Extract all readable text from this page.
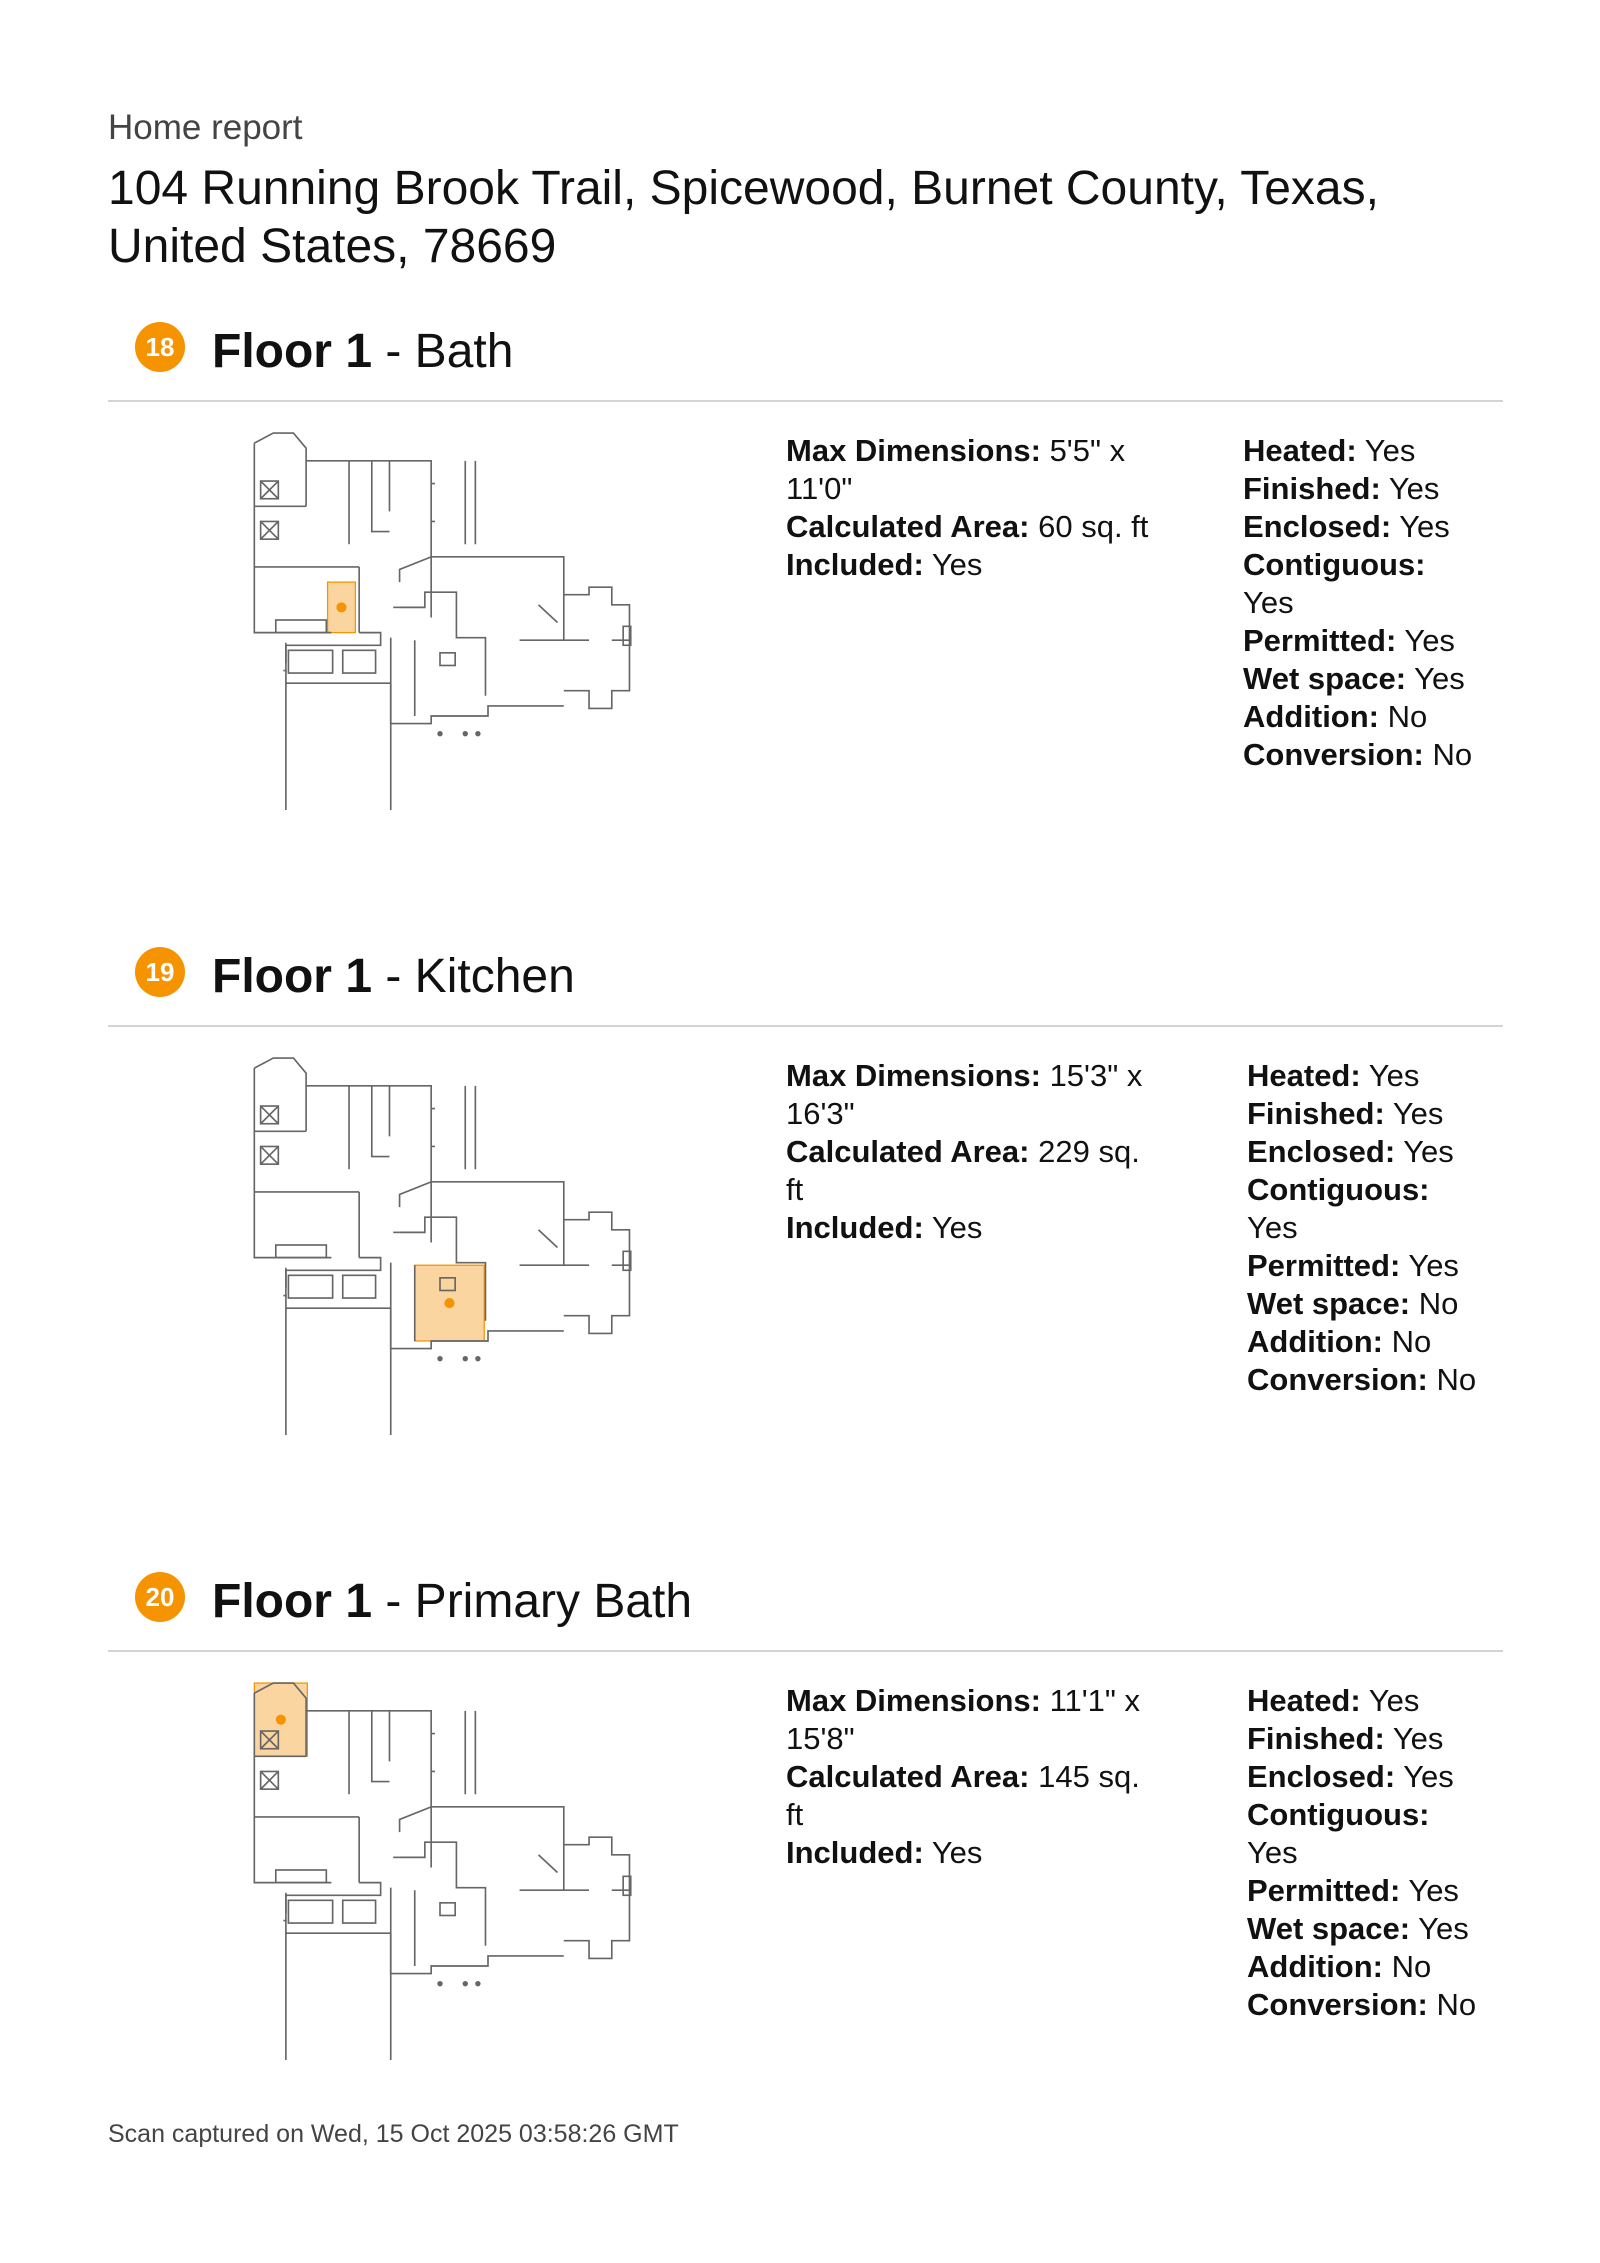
Home report
104 Running Brook Trail, Spicewood, Burnet County, Texas, United States, 78669
18 Floor 1 - Bath
Max Dimensions: 5'5" x 11'0"
Calculated Area: 60 sq. ft
Included: Yes
Heated: Yes
Finished: Yes
Enclosed: Yes
Contiguous: Yes
Permitted: Yes
Wet space: Yes
Addition: No
Conversion: No
19 Floor 1 - Kitchen
Max Dimensions: 15'3" x 16'3"
Calculated Area: 229 sq. ft
Included: Yes
Heated: Yes
Finished: Yes
Enclosed: Yes
Contiguous: Yes
Permitted: Yes
Wet space: No
Addition: No
Conversion: No
20 Floor 1 - Primary Bath
Max Dimensions: 11'1" x 15'8"
Calculated Area: 145 sq. ft
Included: Yes
Heated: Yes
Finished: Yes
Enclosed: Yes
Contiguous: Yes
Permitted: Yes
Wet space: Yes
Addition: No
Conversion: No
Scan captured on Wed, 15 Oct 2025 03:58:26 GMT
